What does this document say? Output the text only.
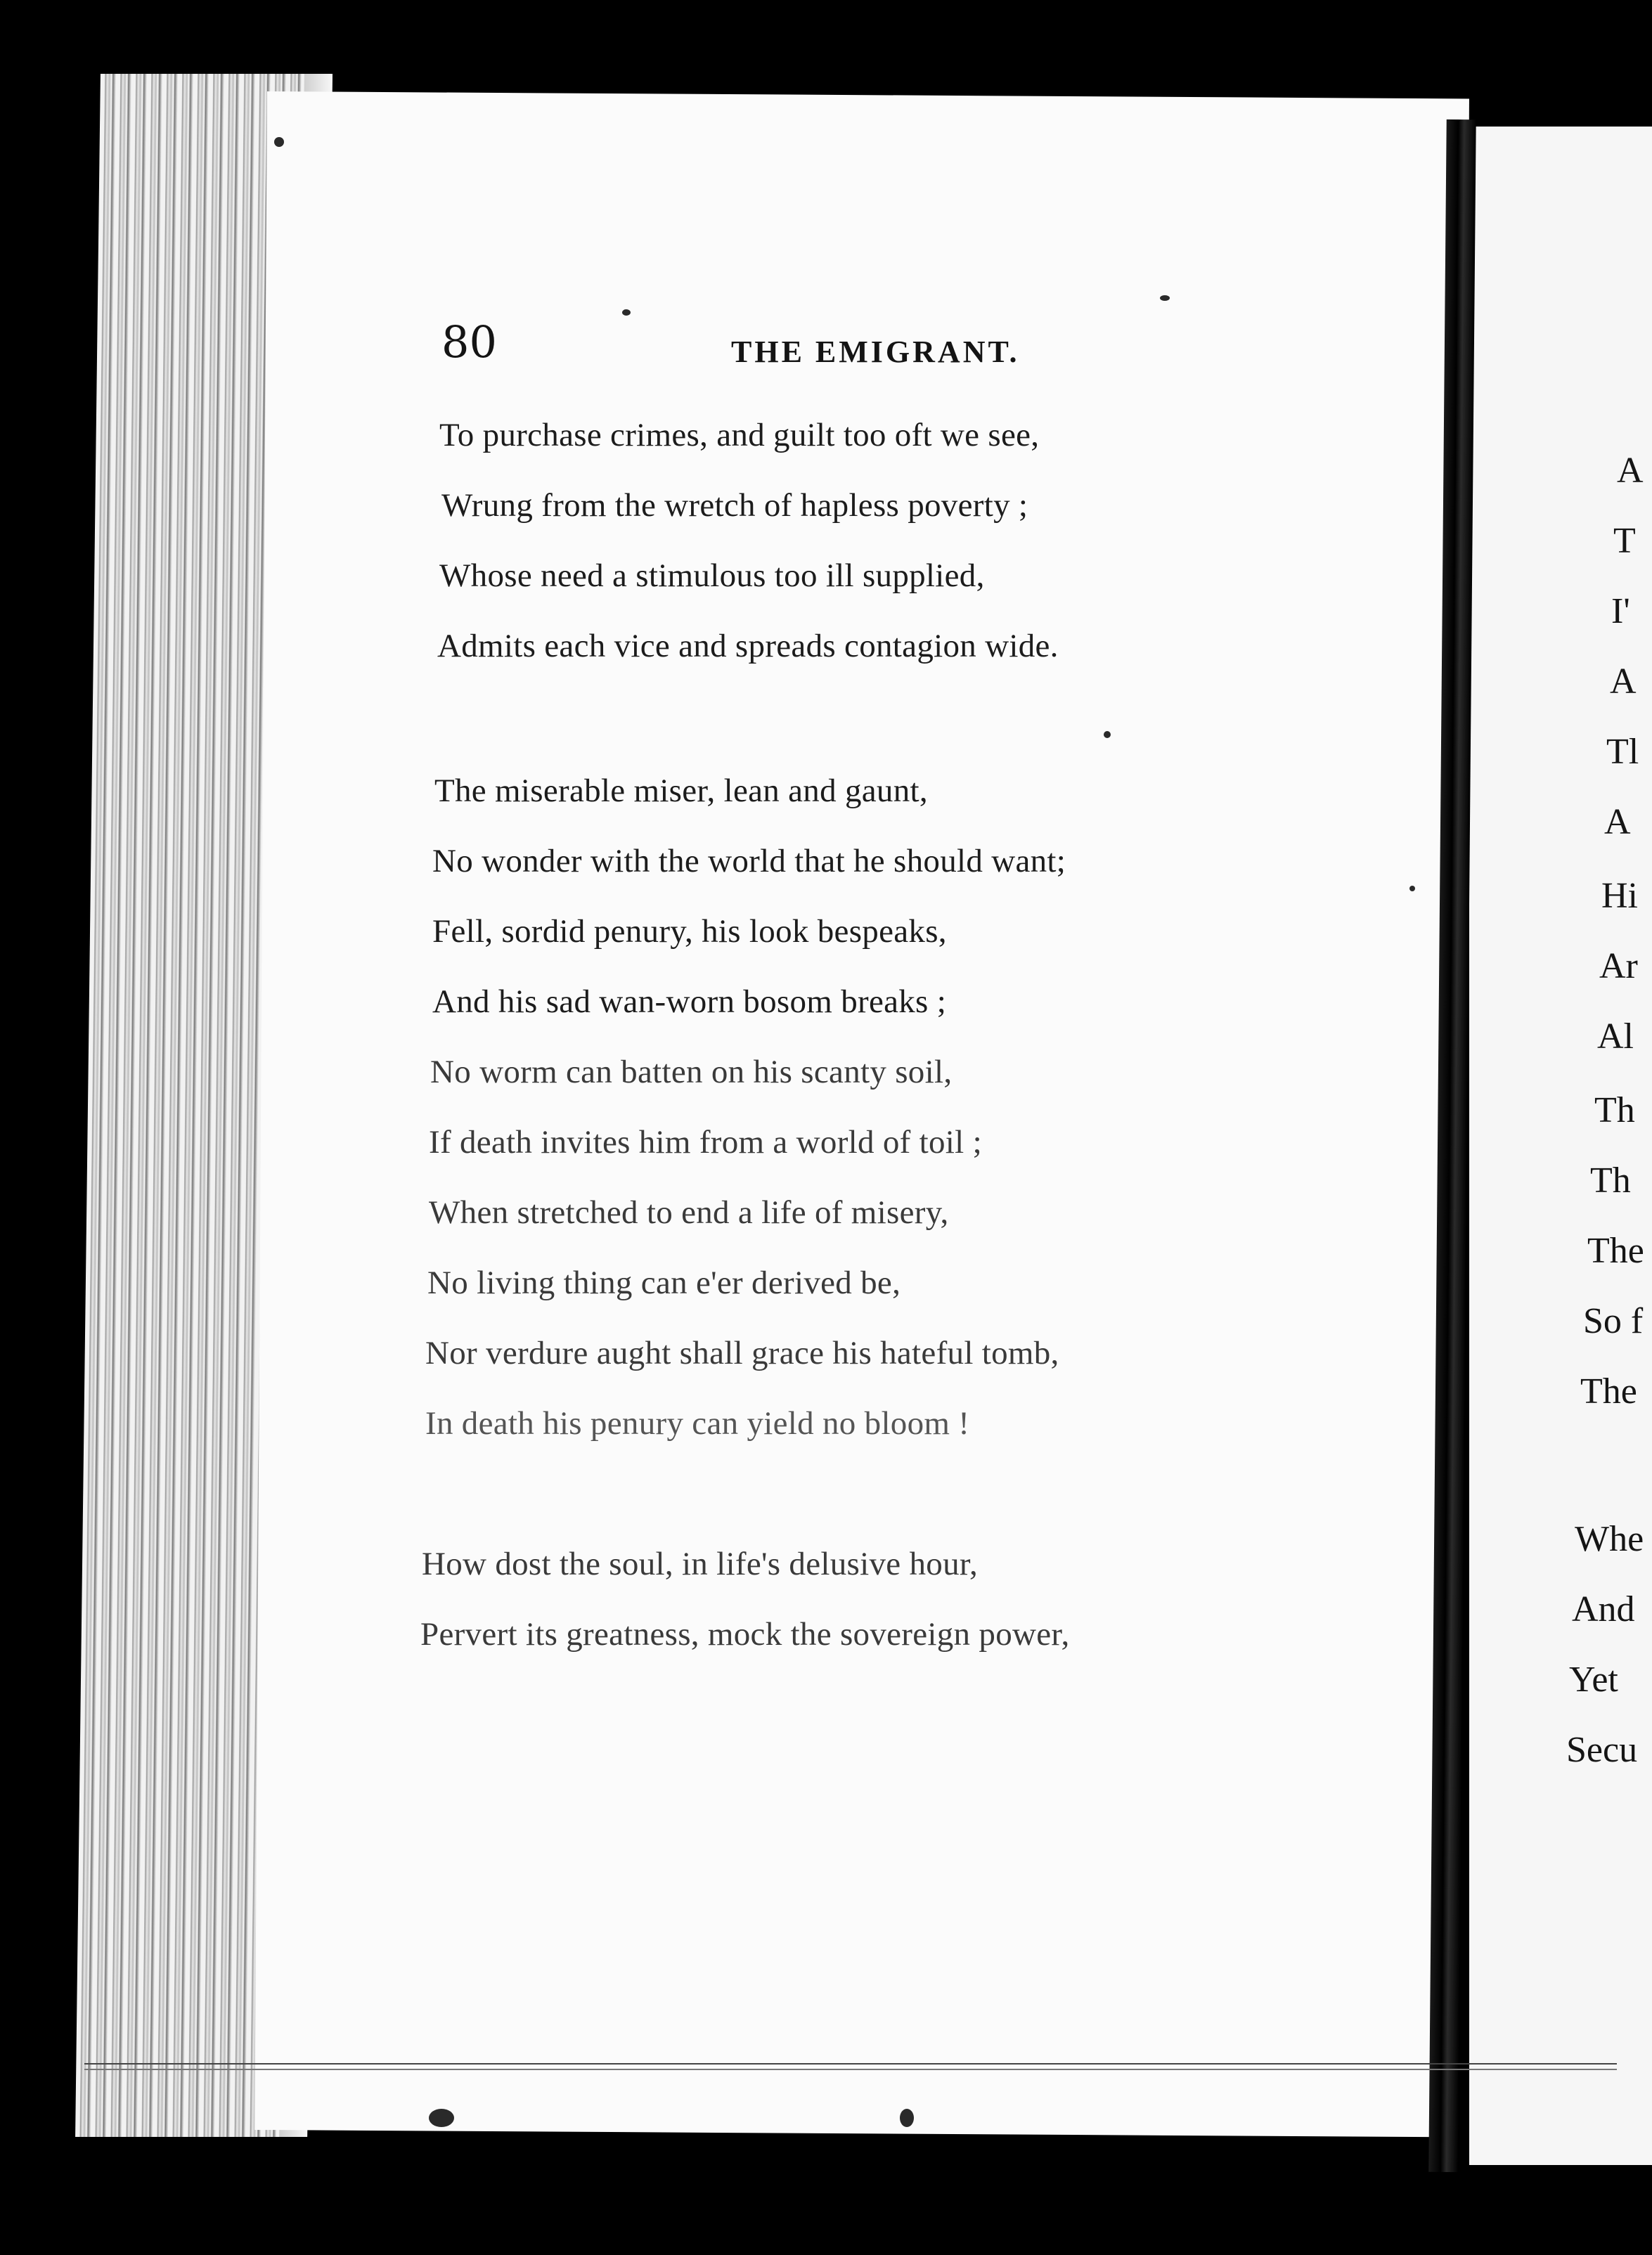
80	THE EMIGRANT.
To purchase crimes, and guilt too oft we see,
Wrung from the wretch of hapless poverty ;
Whose need a stimulous too ill supplied,
Admits each vice and spreads contagion wide.
The miserable miser, lean and gaunt,
No wonder with the world that he should want;
Fell, sordid penury, his look bespeaks,
And his sad wan-worn bosom breaks ;
No worm can batten on his scanty soil,
If death invites him from a world of toil ;
When stretched to end a life of misery,
No living thing can e'er derived be,
Nor verdure aught shall grace his hateful tomb,
In death his penury can yield no bloom !
How dost the soul, in life's delusive hour,
Pervert its greatness, mock the sovereign power,
A
T
I'
A
Tl
A
Hi
Ar
Al
Th
Th
The
So f
The
Whe
And
Yet
Secu
